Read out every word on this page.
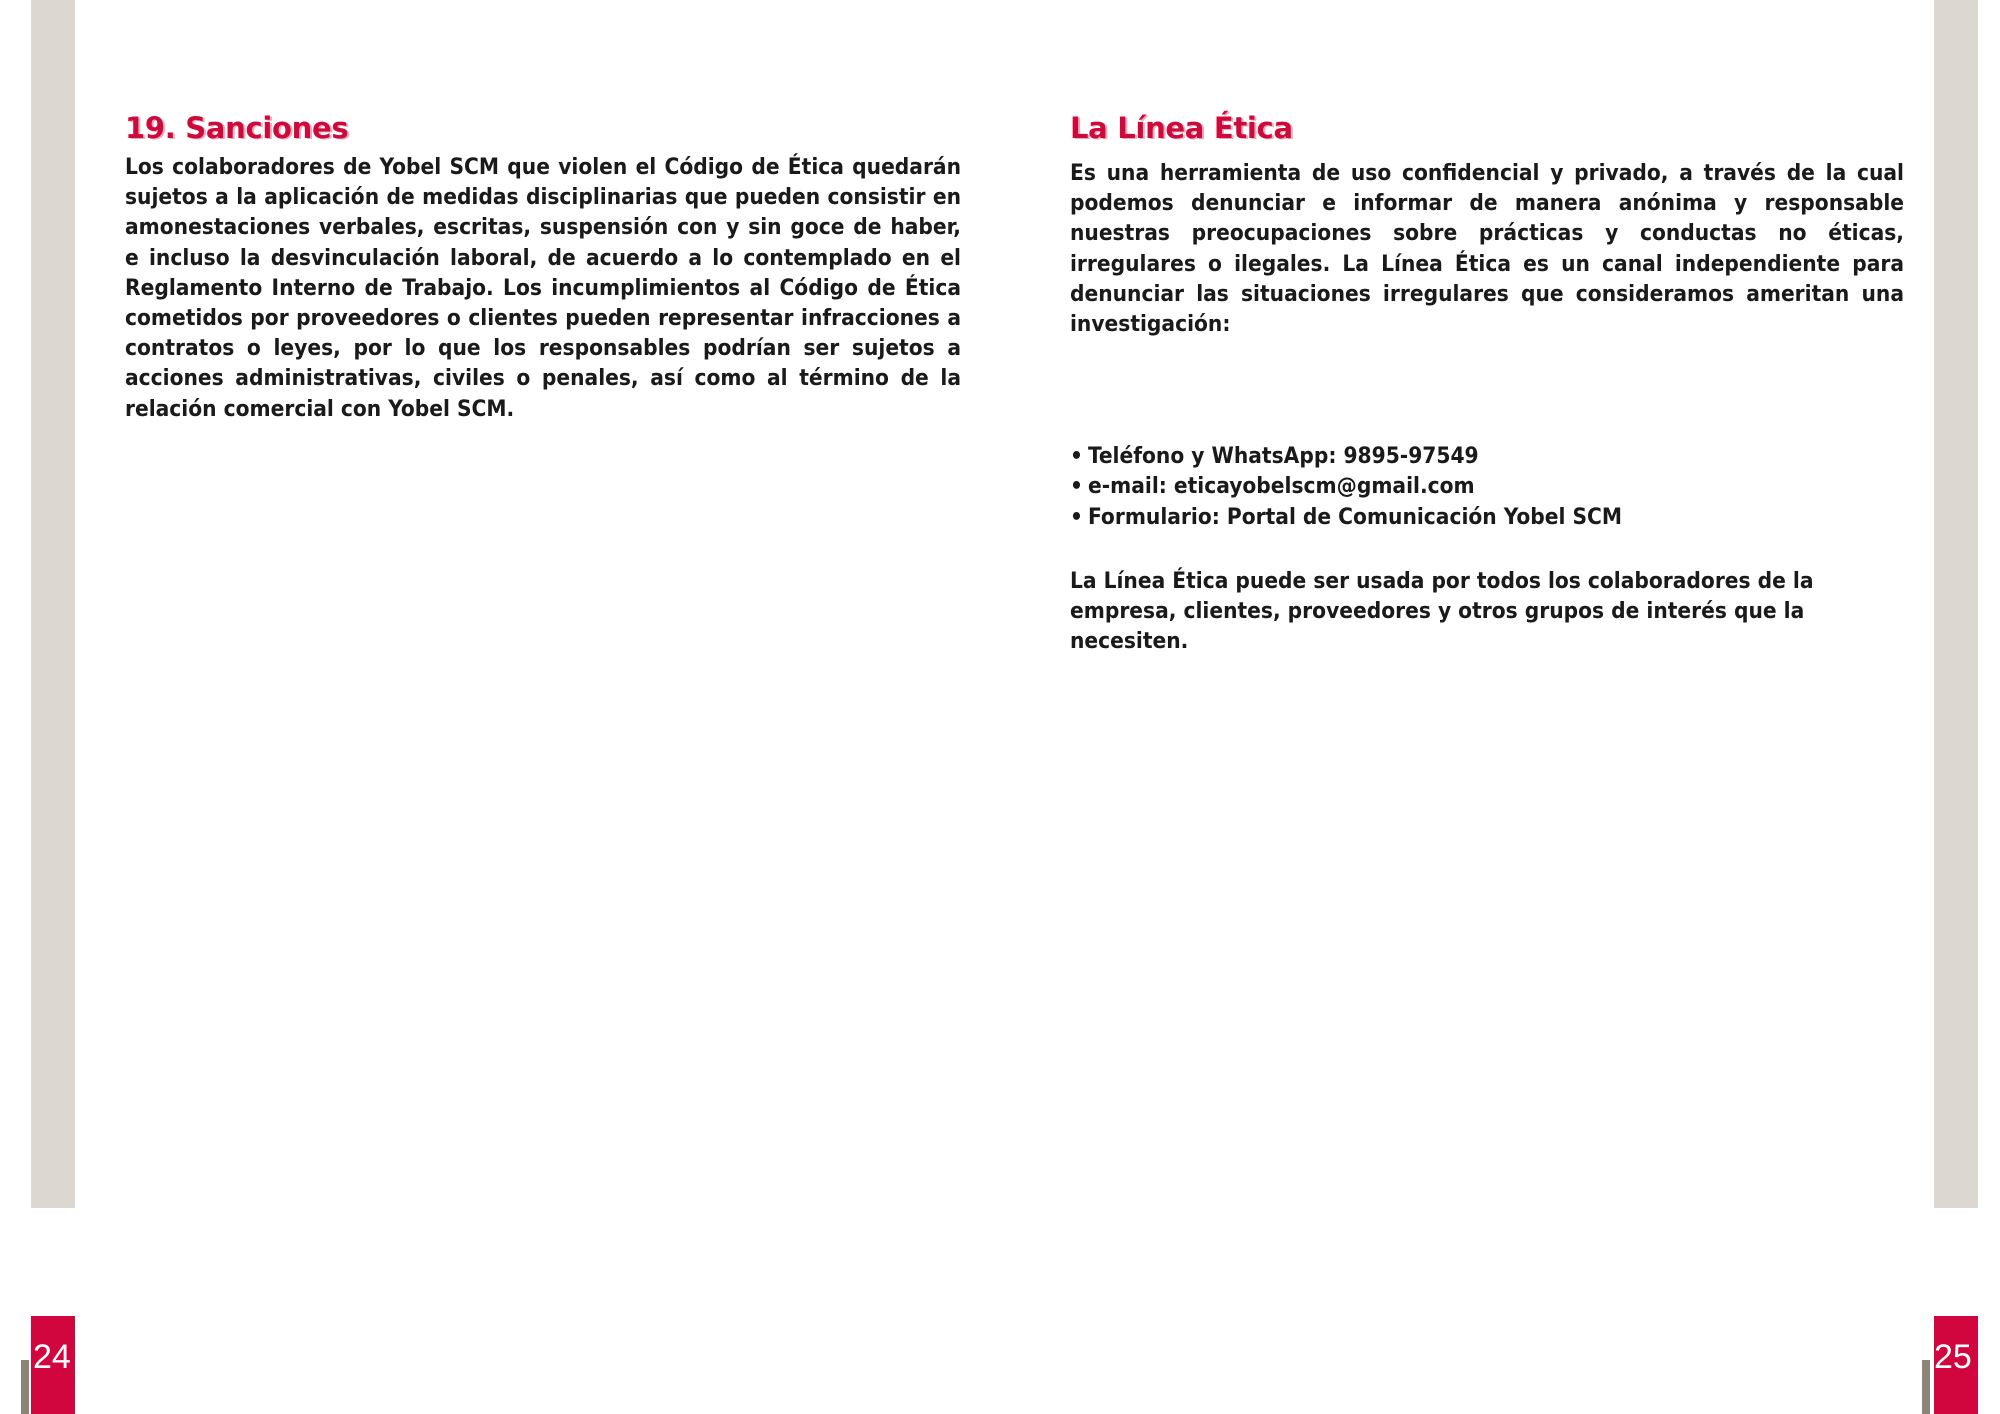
19. Sanciones

Los colaboradores de Yobel SCM que violen el Código de Ética quedarán sujetos a la aplicación de medidas disciplinarias que pueden consistir en amonestaciones verbales, escritas, suspensión con y sin goce de haber, e incluso la desvinculación laboral, de acuerdo a lo contemplado en el Reglamento Interno de Trabajo. Los incumplimientos al Código de Ética cometidos por proveedores o clientes pueden representar infracciones a contratos o leyes, por lo que los responsables podrían ser sujetos a acciones administrativas, civiles o penales, así como al término de la relación comercial con Yobel SCM.

La Línea Ética

Es una herramienta de uso confidencial y privado, a través de la cual podemos denunciar e informar de manera anónima y responsable nuestras preocupaciones sobre prácticas y conductas no éticas, irregulares o ilegales. La Línea Ética es un canal independiente para denunciar las situaciones irregulares que consideramos ameritan una investigación:

• Teléfono y WhatsApp: 9895-97549
• e-mail: eticayobelscm@gmail.com
• Formulario: Portal de Comunicación Yobel SCM

La Línea Ética puede ser usada por todos los colaboradores de la empresa, clientes, proveedores y otros grupos de interés que la necesiten.

24	25
